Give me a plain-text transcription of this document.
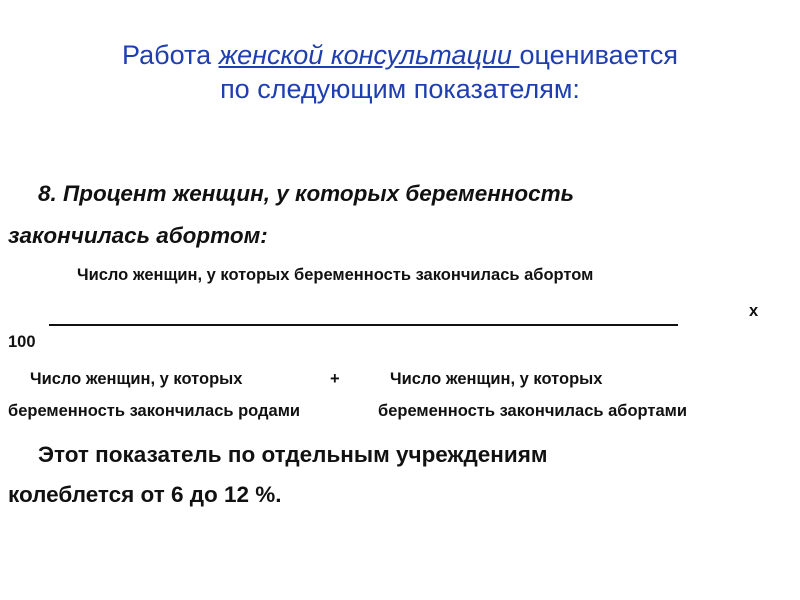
Работа женской консультации оценивается
по следующим показателям:
8. Процент женщин, у которых беременность
закончилась абортом:
Число женщин, у которых беременность закончилась абортом
х
100
Число женщин, у которых	+	Число женщин, у которых
беременность закончилась родами	беременность закончилась абортами
Этот показатель по отдельным учреждениям
колеблется от 6 до 12 %.
